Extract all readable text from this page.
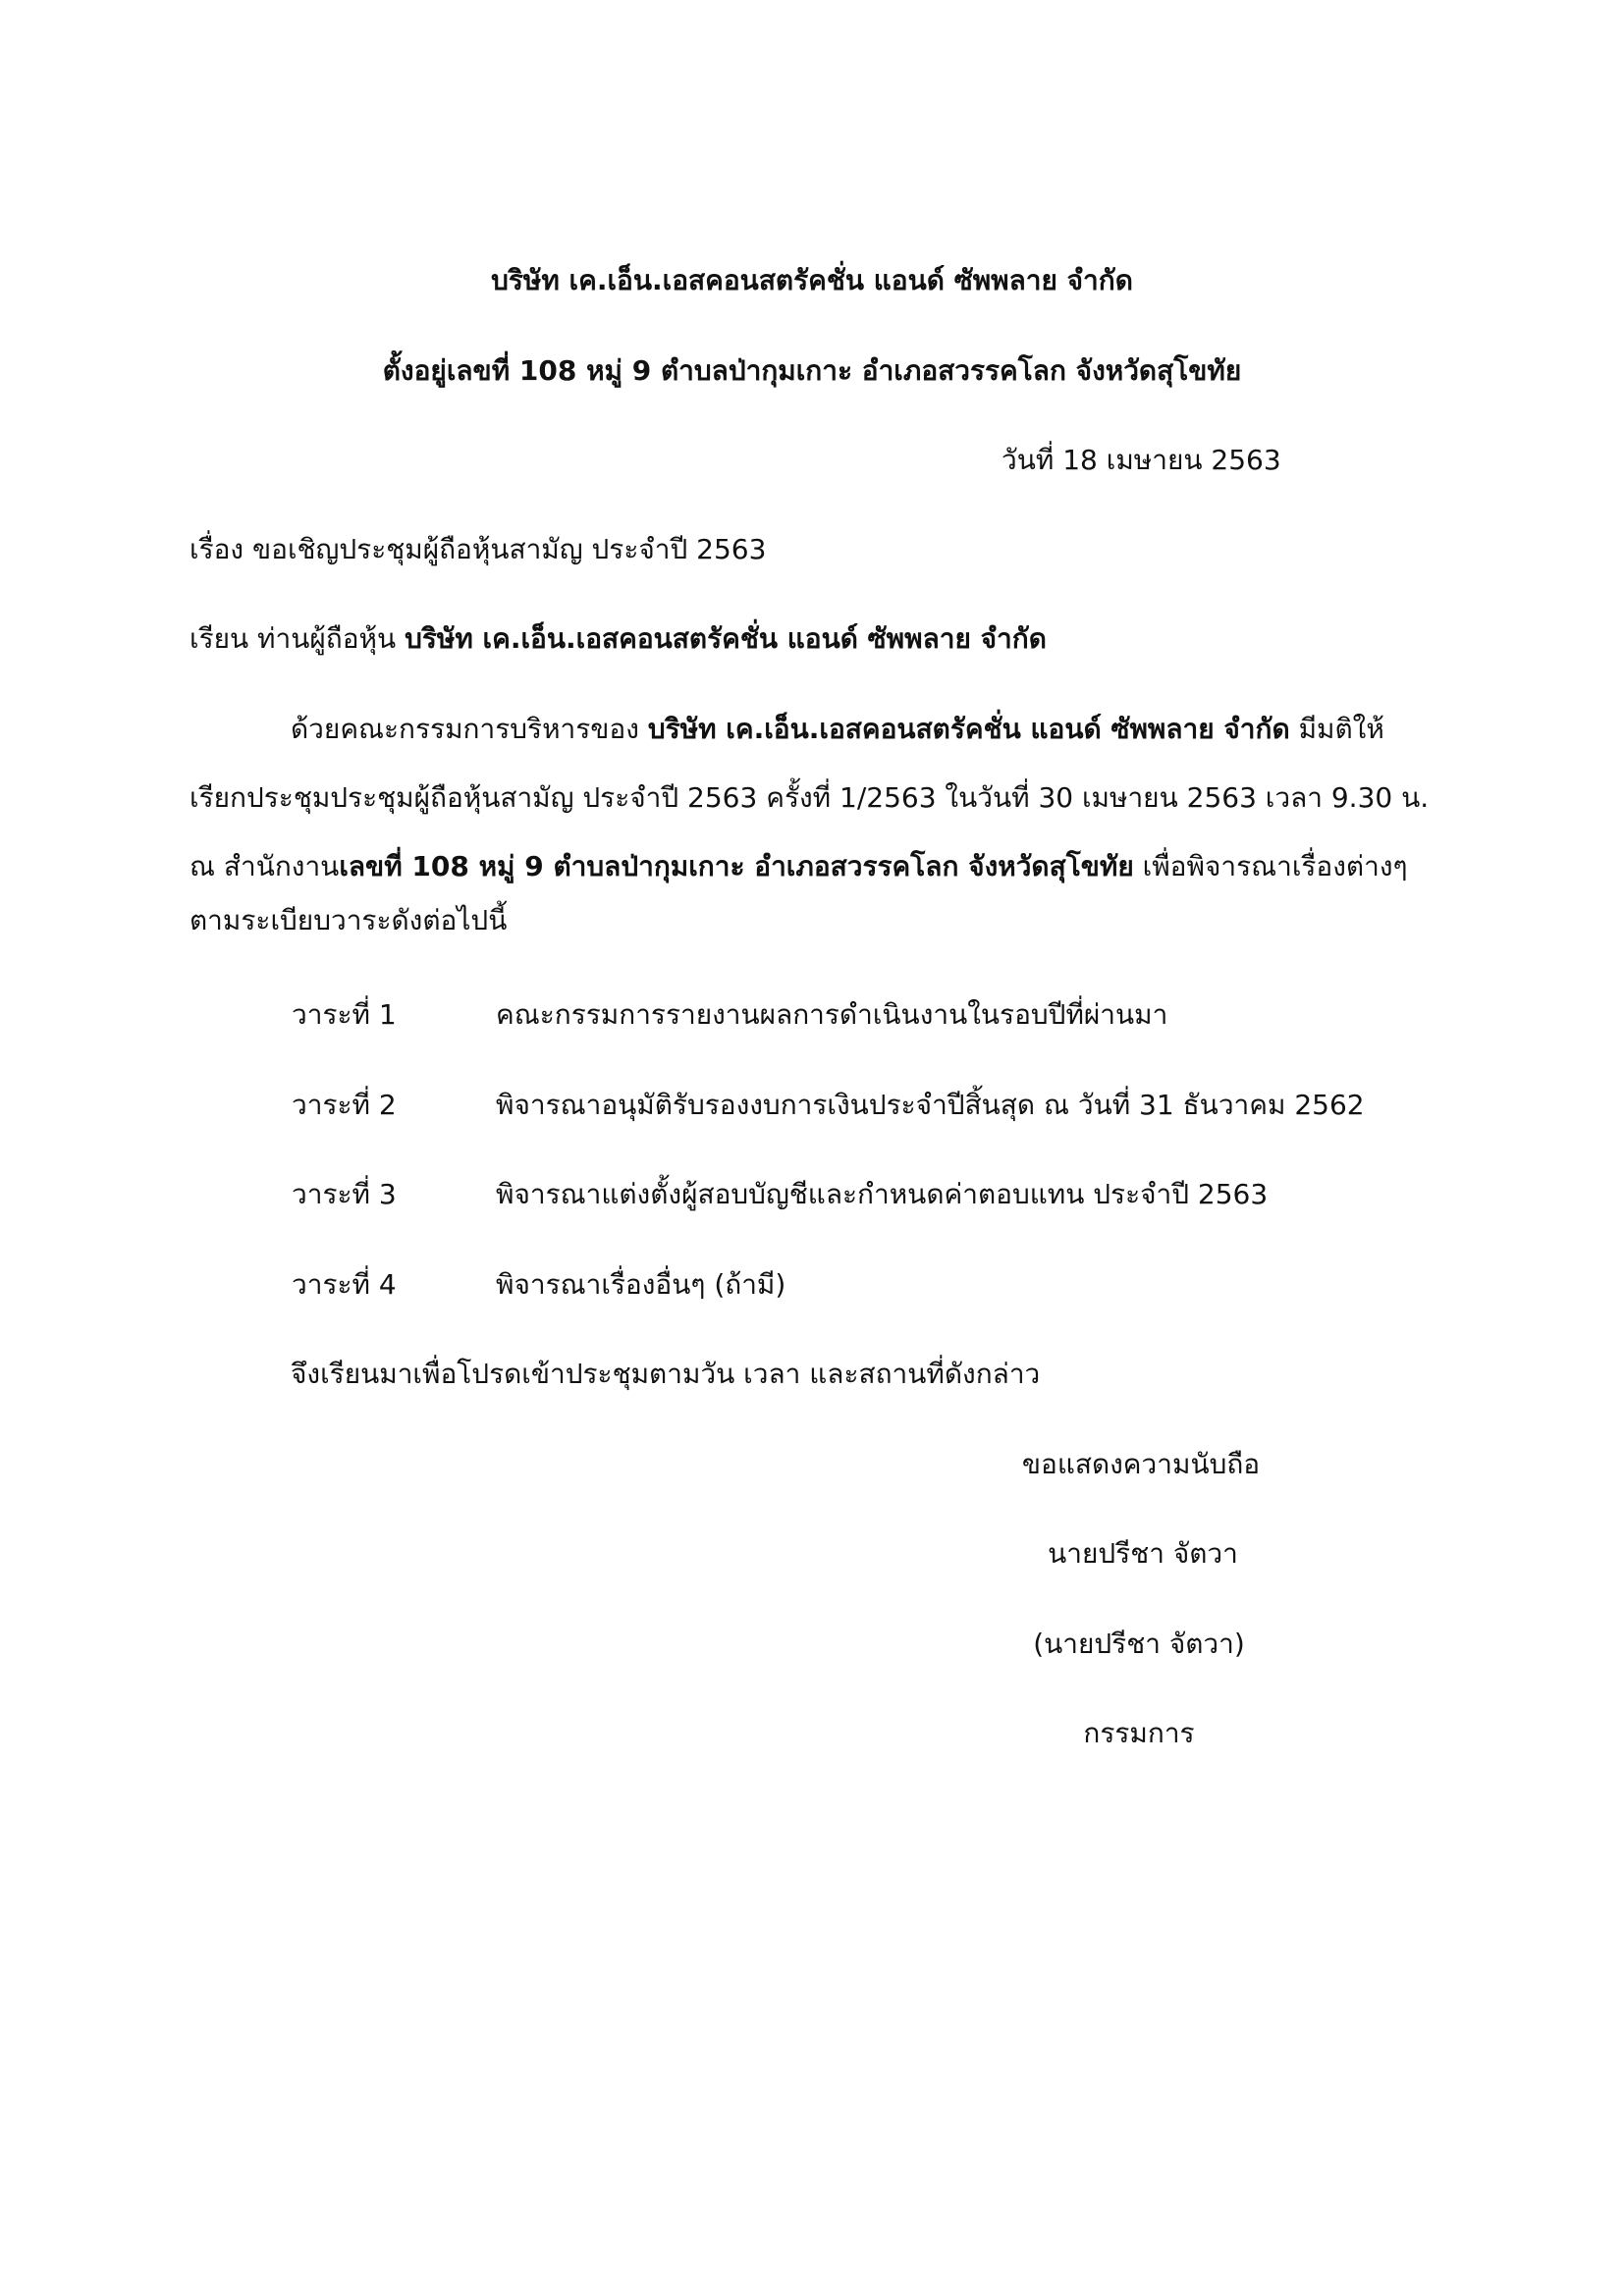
บริษัท เค.เอ็น.เอสคอนสตรัคชั่น แอนด์ ซัพพลาย จำกัด
ตั้งอยู่เลขที่ 108 หมู่ 9 ตำบลป่ากุมเกาะ อำเภอสวรรคโลก จังหวัดสุโขทัย
วันที่ 18 เมษายน 2563
เรื่อง ขอเชิญประชุมผู้ถือหุ้นสามัญ ประจำปี 2563
เรียน ท่านผู้ถือหุ้น บริษัท เค.เอ็น.เอสคอนสตรัคชั่น แอนด์ ซัพพลาย จำกัด
ด้วยคณะกรรมการบริหารของ บริษัท เค.เอ็น.เอสคอนสตรัคชั่น แอนด์ ซัพพลาย จำกัด มีมติให้
เรียกประชุมประชุมผู้ถือหุ้นสามัญ ประจำปี 2563 ครั้งที่ 1/2563 ในวันที่ 30 เมษายน 2563 เวลา 9.30 น.
ณ สำนักงานเลขที่ 108 หมู่ 9 ตำบลป่ากุมเกาะ อำเภอสวรรคโลก จังหวัดสุโขทัย เพื่อพิจารณาเรื่องต่างๆ
ตามระเบียบวาระดังต่อไปนี้
วาระที่ 1	คณะกรรมการรายงานผลการดำเนินงานในรอบปีที่ผ่านมา
วาระที่ 2	พิจารณาอนุมัติรับรองงบการเงินประจำปีสิ้นสุด ณ วันที่ 31 ธันวาคม 2562
วาระที่ 3	พิจารณาแต่งตั้งผู้สอบบัญชีและกำหนดค่าตอบแทน ประจำปี 2563
วาระที่ 4	พิจารณาเรื่องอื่นๆ (ถ้ามี)
จึงเรียนมาเพื่อโปรดเข้าประชุมตามวัน เวลา และสถานที่ดังกล่าว
ขอแสดงความนับถือ
นายปรีชา จัตวา
(นายปรีชา จัตวา)
กรรมการ
